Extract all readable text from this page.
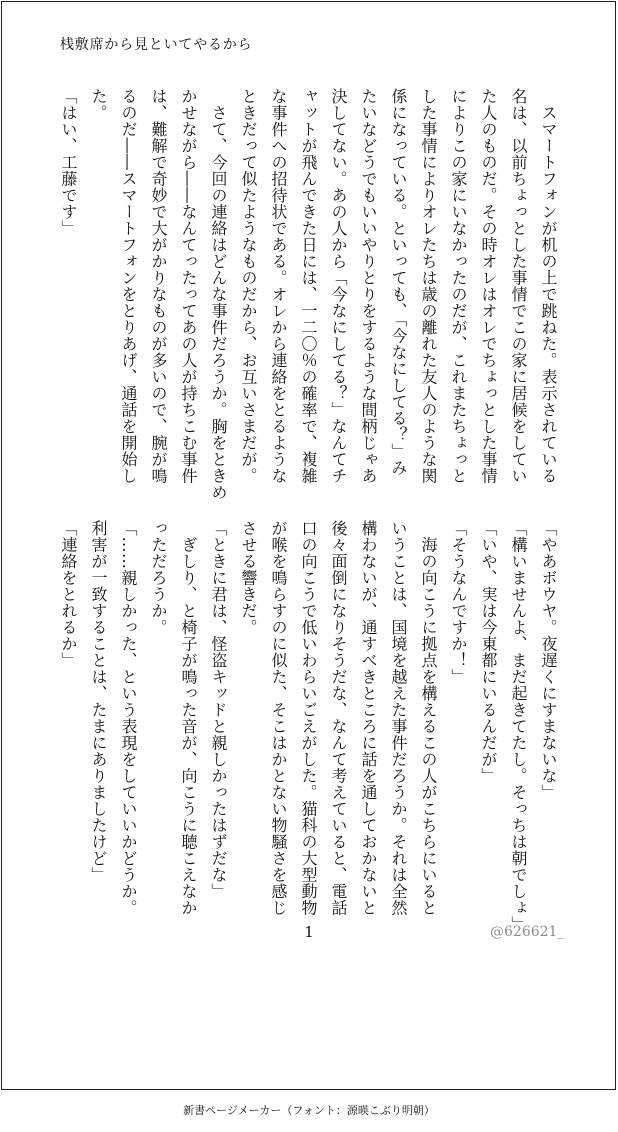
桟敷席から見といてやるから
　スマートフォンが机の上で跳ねた。表示されている
名は、以前ちょっとした事情でこの家に居候をしてい
た人のものだ。その時オレはオレでちょっとした事情
によりこの家にいなかったのだが、これまたちょっと
した事情によりオレたちは歳の離れた友人のような関
係になっている。といっても、「今なにしてる？」み
たいなどうでもいいやりとりをするような間柄じゃあ
決してない。あの人から「今なにしてる？」なんてチ
ャットが飛んできた日には、一二〇％の確率で、複雑
な事件への招待状である。オレから連絡をとるような
ときだって似たようなものだから、お互いさまだが。
　さて、今回の連絡はどんな事件だろうか。胸をときめ
かせながら――なんてったってあの人が持ちこむ事件
は、難解で奇妙で大がかりなものが多いので、腕が鳴
るのだ――スマートフォンをとりあげ、通話を開始し
た。
「はい、工藤です」
「やあボウヤ。夜遅くにすまないな」
「構いませんよ、まだ起きてたし。そっちは朝でしょ」
「いや、実は今東都にいるんだが」
「そうなんですか！」
　海の向こうに拠点を構えるこの人がこちらにいると
いうことは、国境を越えた事件だろうか。それは全然
構わないが、通すべきところに話を通しておかないと
後々面倒になりそうだな、なんて考えていると、電話
口の向こうで低いわらいごえがした。猫科の大型動物
が喉を鳴らすのに似た、そこはかとない物騒さを感じ
させる響きだ。
「ときに君は、怪盗キッドと親しかったはずだな」
　ぎしり、と椅子が鳴った音が、向こうに聴こえなか
っただろうか。
「……親しかった、という表現をしていいかどうか。
利害が一致することは、たまにありましたけど」
「連絡をとれるか」
1	@626621_
新書ページメーカー（フォント：源暎こぶり明朝）
